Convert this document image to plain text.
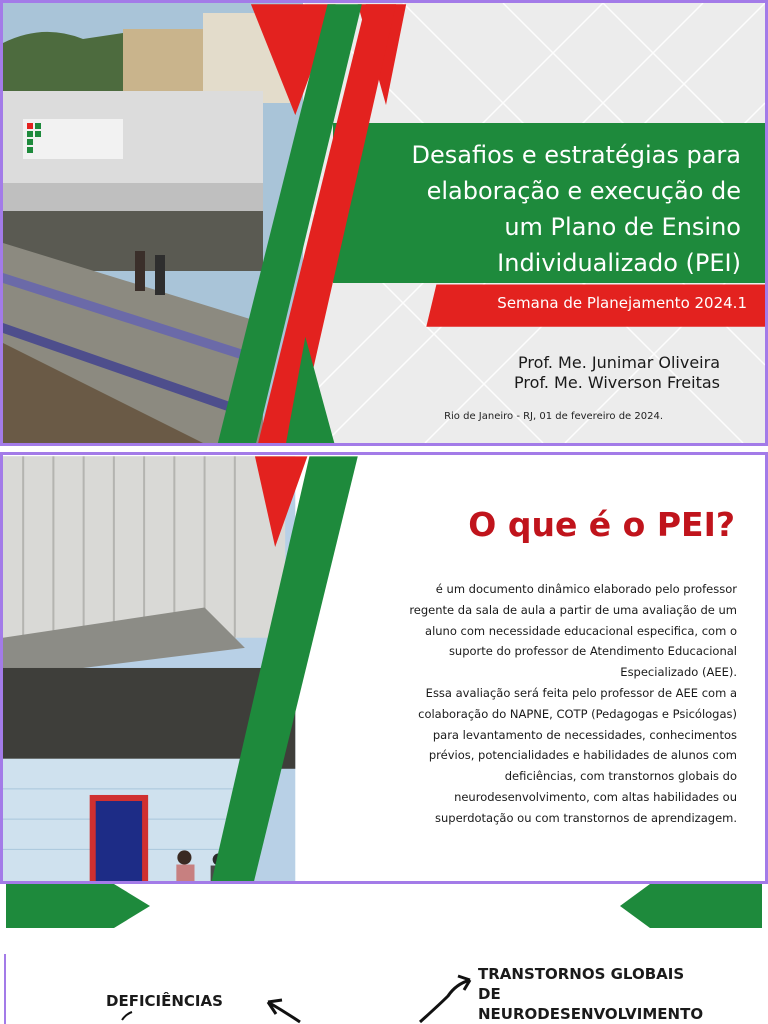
Desafios e estratégias para
elaboração e execução de
um Plano de Ensino
Individualizado (PEI)
Semana de Planejamento 2024.1
Prof. Me. Junimar Oliveira
Prof. Me. Wiverson Freitas
Rio de Janeiro - RJ, 01 de fevereiro de 2024.
O que é o PEI?
é um documento dinâmico elaborado pelo professor
regente da sala de aula a partir de uma avaliação de um
aluno com necessidade educacional especifica, com o
suporte do professor de Atendimento Educacional
Especializado (AEE).
Essa avaliação será feita pelo professor de AEE com a
colaboração do NAPNE, COTP (Pedagogas e Psicólogas)
para levantamento de necessidades, conhecimentos
prévios, potencialidades e habilidades de alunos com
deficiências, com transtornos globais do
neurodesenvolvimento, com altas habilidades ou
superdotação ou com transtornos de aprendizagem.
DEFICIÊNCIAS
TRANSTORNOS GLOBAIS
DE
NEURODESENVOLVIMENTO
